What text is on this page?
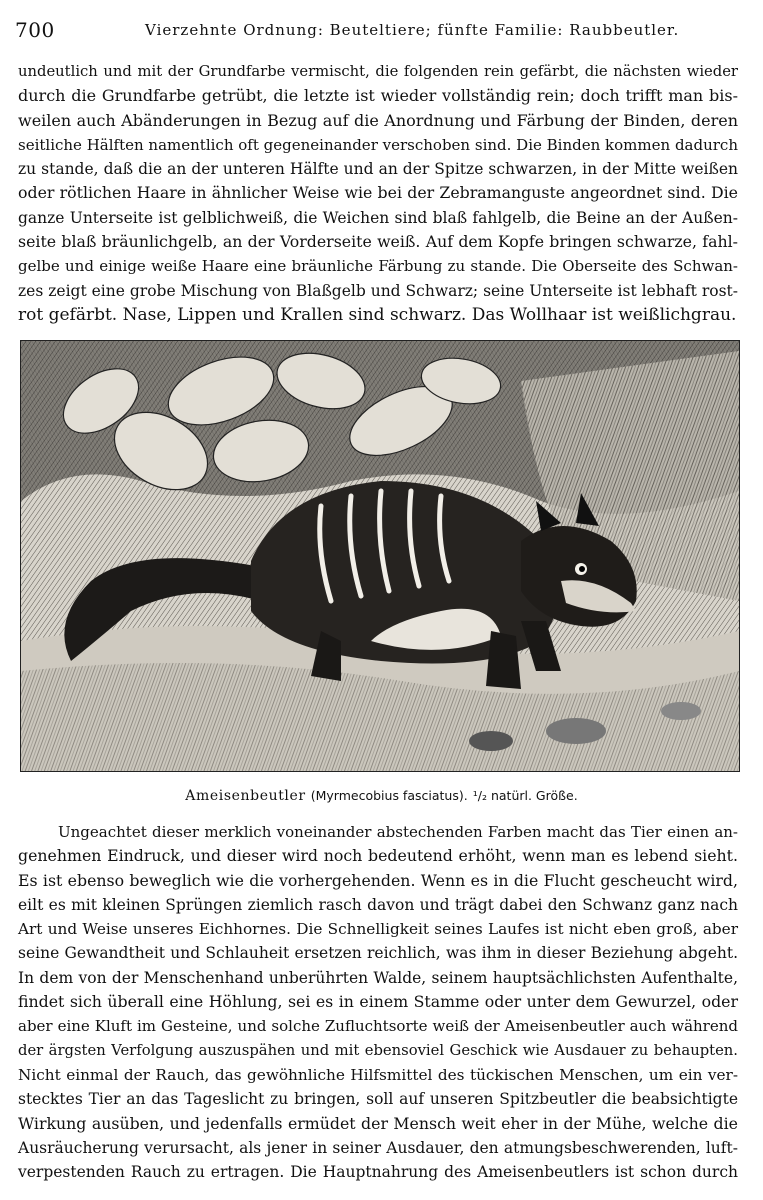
700	Vierzehnte Ordnung: Beuteltiere; fünfte Familie: Raubbeutler.
undeutlich und mit der Grundfarbe vermischt, die folgenden rein gefärbt, die nächsten wieder
durch die Grundfarbe getrübt, die letzte ist wieder vollständig rein; doch trifft man bis-
weilen auch Abänderungen in Bezug auf die Anordnung und Färbung der Binden, deren
seitliche Hälften namentlich oft gegeneinander verschoben sind. Die Binden kommen dadurch
zu stande, daß die an der unteren Hälfte und an der Spitze schwarzen, in der Mitte weißen
oder rötlichen Haare in ähnlicher Weise wie bei der Zebramanguste angeordnet sind. Die
ganze Unterseite ist gelblichweiß, die Weichen sind blaß fahlgelb, die Beine an der Außen-
seite blaß bräunlichgelb, an der Vorderseite weiß. Auf dem Kopfe bringen schwarze, fahl-
gelbe und einige weiße Haare eine bräunliche Färbung zu stande. Die Oberseite des Schwan-
zes zeigt eine grobe Mischung von Blaßgelb und Schwarz; seine Unterseite ist lebhaft rost-
rot gefärbt. Nase, Lippen und Krallen sind schwarz. Das Wollhaar ist weißlichgrau.
Ameisenbeutler (Myrmecobius fasciatus). ¹/₂ natürl. Größe.
Ungeachtet dieser merklich voneinander abstechenden Farben macht das Tier einen an-
genehmen Eindruck, und dieser wird noch bedeutend erhöht, wenn man es lebend sieht.
Es ist ebenso beweglich wie die vorhergehenden. Wenn es in die Flucht gescheucht wird,
eilt es mit kleinen Sprüngen ziemlich rasch davon und trägt dabei den Schwanz ganz nach
Art und Weise unseres Eichhornes. Die Schnelligkeit seines Laufes ist nicht eben groß, aber
seine Gewandtheit und Schlauheit ersetzen reichlich, was ihm in dieser Beziehung abgeht.
In dem von der Menschenhand unberührten Walde, seinem hauptsächlichsten Aufenthalte,
findet sich überall eine Höhlung, sei es in einem Stamme oder unter dem Gewurzel, oder
aber eine Kluft im Gesteine, und solche Zufluchtsorte weiß der Ameisenbeutler auch während
der ärgsten Verfolgung auszuspähen und mit ebensoviel Geschick wie Ausdauer zu behaupten.
Nicht einmal der Rauch, das gewöhnliche Hilfsmittel des tückischen Menschen, um ein ver-
stecktes Tier an das Tageslicht zu bringen, soll auf unseren Spitzbeutler die beabsichtigte
Wirkung ausüben, und jedenfalls ermüdet der Mensch weit eher in der Mühe, welche die
Ausräucherung verursacht, als jener in seiner Ausdauer, den atmungsbeschwerenden, luft-
verpestenden Rauch zu ertragen. Die Hauptnahrung des Ameisenbeutlers ist schon durch
